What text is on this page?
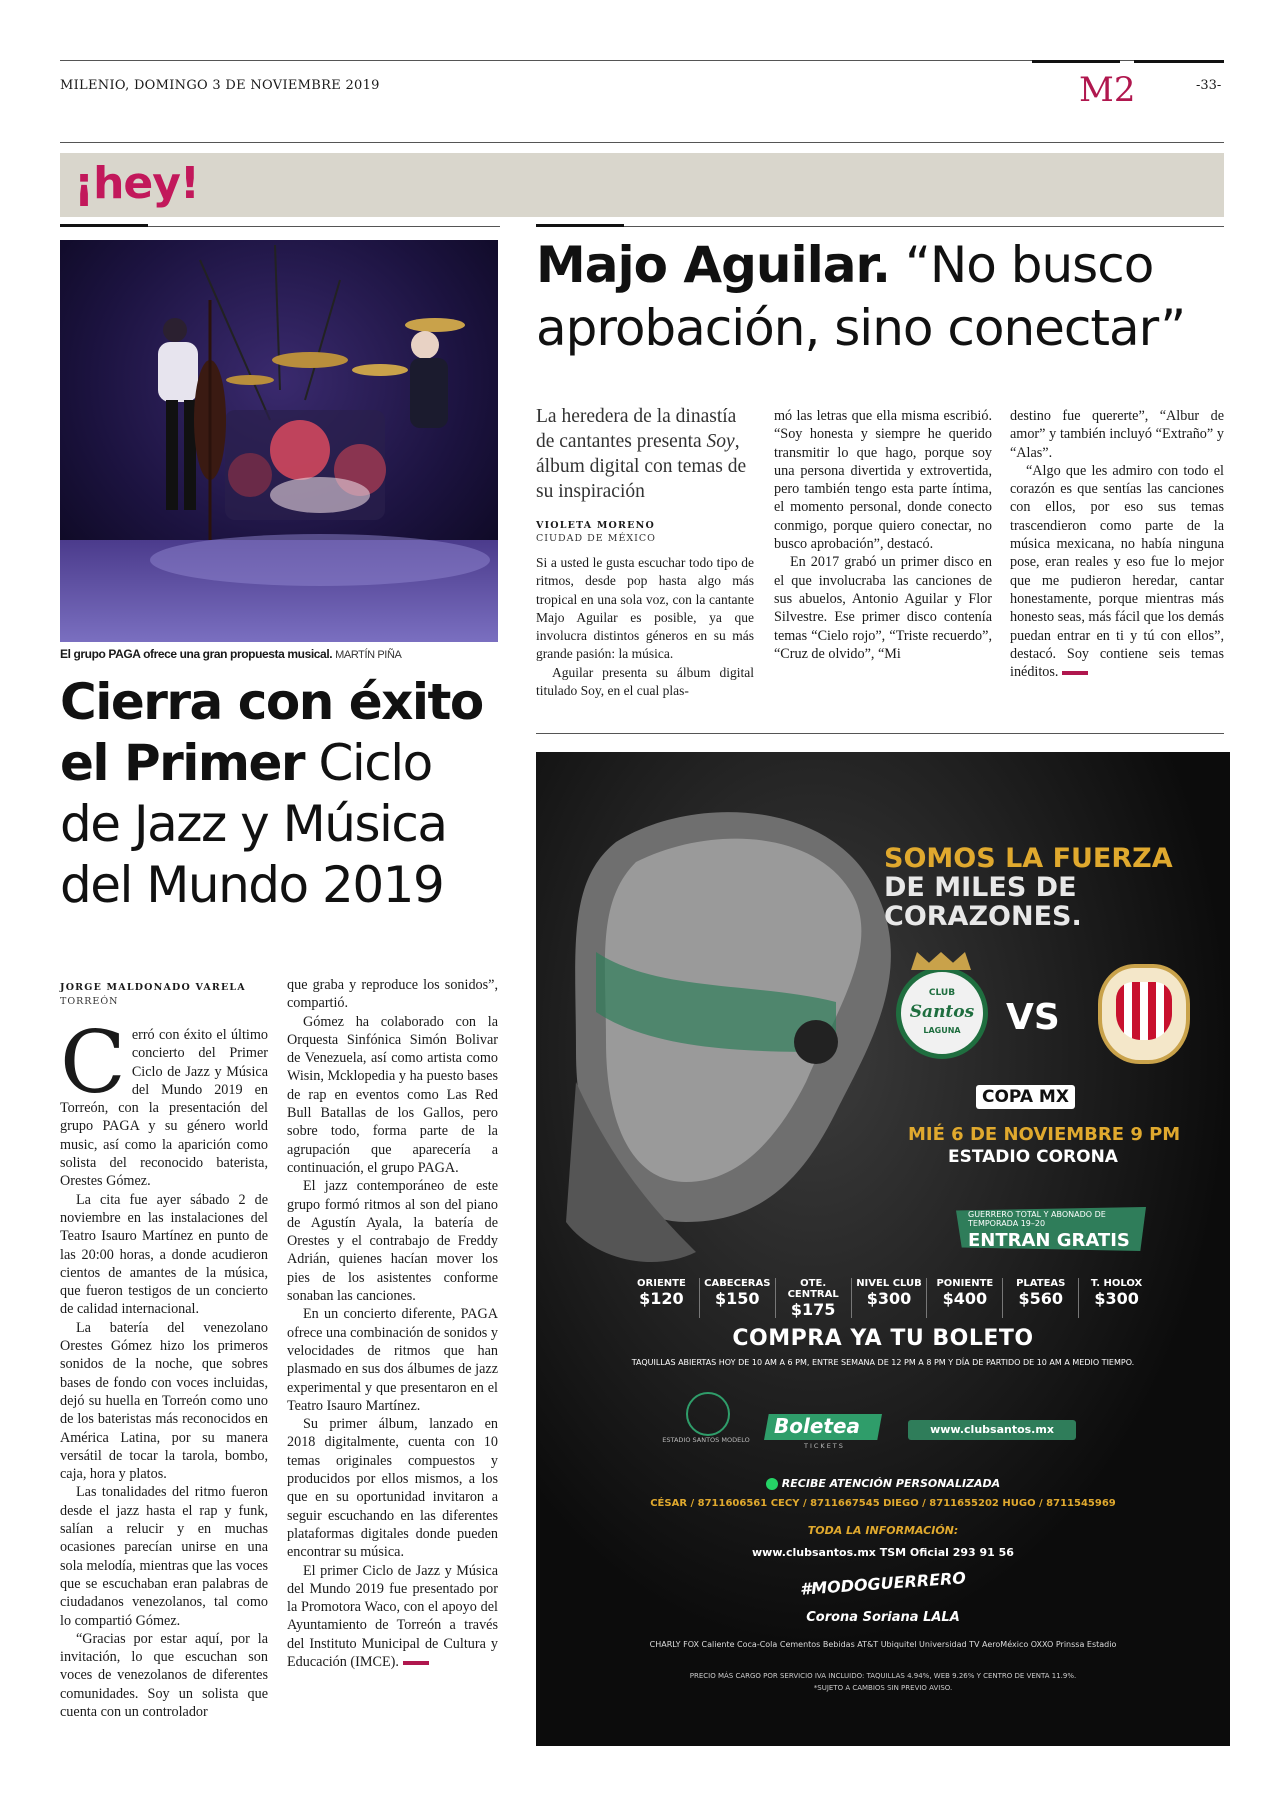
MILENIO, DOMINGO 3 DE NOVIEMBRE 2019	M2	-33-
¡hey!
El grupo PAGA ofrece una gran propuesta musical. MARTÍN PIÑA
Cierra con éxito el Primer Ciclo de Jazz y Música del Mundo 2019
JORGE MALDONADO VARELA
TORREÓN

Cerró con éxito el último concierto del Primer Ciclo de Jazz y Música del Mundo 2019 en Torreón, con la presentación del grupo PAGA y su género world music, así como la aparición como solista del reconocido baterista, Orestes Gómez.

La cita fue ayer sábado 2 de noviembre en las instalaciones del Teatro Isauro Martínez en punto de las 20:00 horas, a donde acudieron cientos de amantes de la música, que fueron testigos de un concierto de calidad internacional.

La batería del venezolano Orestes Gómez hizo los primeros sonidos de la noche, que sobres bases de fondo con voces incluidas, dejó su huella en Torreón como uno de los bateristas más reconocidos en América Latina, por su manera versátil de tocar la tarola, bombo, caja, hora y platos.

Las tonalidades del ritmo fueron desde el jazz hasta el rap y funk, salían a relucir y en muchas ocasiones parecían unirse en una sola melodía, mientras que las voces que se escuchaban eran palabras de ciudadanos venezolanos, tal como lo compartió Gómez.

“Gracias por estar aquí, por la invitación, lo que escuchan son voces de venezolanos de diferentes comunidades. Soy un solista que cuenta con un controlador

que graba y reproduce los sonidos”, compartió.

Gómez ha colaborado con la Orquesta Sinfónica Simón Bolivar de Venezuela, así como artista como Wisin, Mcklopedia y ha puesto bases de rap en eventos como Las Red Bull Batallas de los Gallos, pero sobre todo, forma parte de la agrupación que aparecería a continuación, el grupo PAGA.

El jazz contemporáneo de este grupo formó ritmos al son del piano de Agustín Ayala, la batería de Orestes y el contrabajo de Freddy Adrián, quienes hacían mover los pies de los asistentes conforme sonaban las canciones.

En un concierto diferente, PAGA ofrece una combinación de sonidos y velocidades de ritmos que han plasmado en sus dos álbumes de jazz experimental y que presentaron en el Teatro Isauro Martínez.

Su primer álbum, lanzado en 2018 digitalmente, cuenta con 10 temas originales compuestos y producidos por ellos mismos, a los que en su oportunidad invitaron a seguir escuchando en las diferentes plataformas digitales donde pueden encontrar su música.

El primer Ciclo de Jazz y Música del Mundo 2019 fue presentado por la Promotora Waco, con el apoyo del Ayuntamiento de Torreón a través del Instituto Municipal de Cultura y Educación (IMCE).

Majo Aguilar. “No busco aprobación, sino conectar”
La heredera de la dinastía de cantantes presenta Soy, álbum digital con temas de su inspiración
VIOLETA MORENO
CIUDAD DE MÉXICO

Si a usted le gusta escuchar todo tipo de ritmos, desde pop hasta algo más tropical en una sola voz, con la cantante Majo Aguilar es posible, ya que involucra distintos géneros en su más grande pasión: la música.

Aguilar presenta su álbum digital titulado Soy, en el cual plas-

mó las letras que ella misma escribió. “Soy honesta y siempre he querido transmitir lo que hago, porque soy una persona divertida y extrovertida, pero también tengo esta parte íntima, el momento personal, donde conecto conmigo, porque quiero conectar, no busco aprobación”, destacó.

En 2017 grabó un primer disco en el que involucraba las canciones de sus abuelos, Antonio Aguilar y Flor Silvestre. Ese primer disco contenía temas “Cielo rojo”, “Triste recuerdo”, “Cruz de olvido”, “Mi

destino fue quererte”, “Albur de amor” y también incluyó “Extraño” y “Alas”.

“Algo que les admiro con todo el corazón es que sentías las canciones con ellos, por eso sus temas trascendieron como parte de la música mexicana, no había ninguna pose, eran reales y eso fue lo mejor que me pudieron heredar, cantar honestamente, porque mientras más honesto seas, más fácil que los demás puedan entrar en ti y tú con ellos”, destacó. Soy contiene seis temas inéditos.

SOMOS LA FUERZA
DE MILES DE
CORAZONES.
CLUB
Santos
LAGUNA	VS
COPA MX
MIÉ 6 DE NOVIEMBRE 9 PM
ESTADIO CORONA
GUERRERO TOTAL Y ABONADO DE TEMPORADA 19–20
ENTRAN GRATIS
ORIENTE
$120
CABECERAS
$150
OTE. CENTRAL
$175
NIVEL CLUB
$300
PONIENTE
$400
PLATEAS
$560
T. HOLOX
$300
COMPRA YA TU BOLETO
TAQUILLAS ABIERTAS HOY DE 10 AM A 6 PM, ENTRE SEMANA DE 12 PM A 8 PM Y DÍA DE PARTIDO DE 10 AM A MEDIO TIEMPO.
ESTADIO SANTOS MODELO
Boletea
TICKETS
www.clubsantos.mx
RECIBE ATENCIÓN PERSONALIZADA
CÉSAR / 8711606561 CECY / 8711667545 DIEGO / 8711655202 HUGO / 8711545969
TODA LA INFORMACIÓN:
www.clubsantos.mx TSM Oficial 293 91 56
#MODOGUERRERO
Corona Soriana LALA
CHARLY FOX Caliente Coca-Cola Cementos Bebidas AT&T Ubiquitel Universidad TV AeroMéxico OXXO Prinssa Estadio
PRECIO MÁS CARGO POR SERVICIO IVA INCLUIDO: TAQUILLAS 4.94%, WEB 9.26% Y CENTRO DE VENTA 11.9%.
*SUJETO A CAMBIOS SIN PREVIO AVISO.
